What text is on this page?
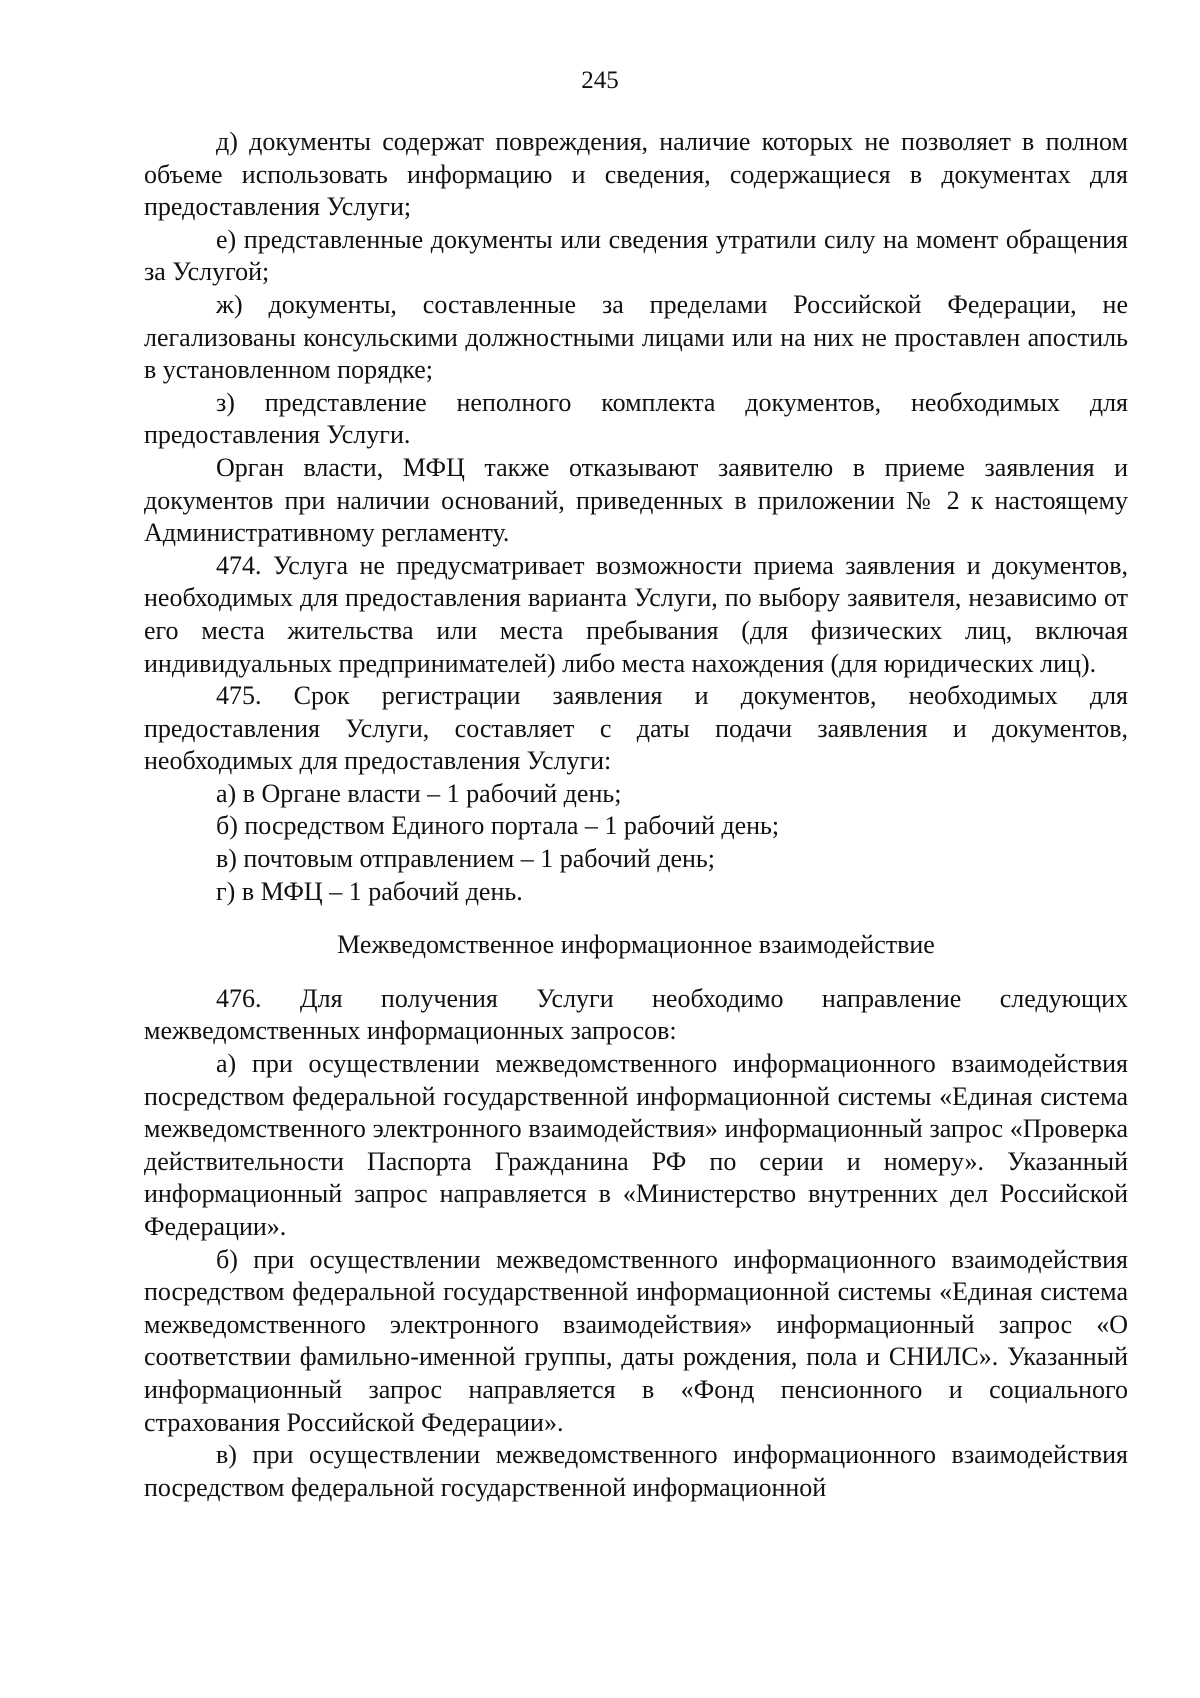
245

д) документы содержат повреждения, наличие которых не позволяет в полном объеме использовать информацию и сведения, содержащиеся в документах для предоставления Услуги;

е) представленные документы или сведения утратили силу на момент обращения за Услугой;

ж) документы, составленные за пределами Российской Федерации, не легализованы консульскими должностными лицами или на них не проставлен апостиль в установленном порядке;

з) представление неполного комплекта документов, необходимых для предоставления Услуги.

Орган власти, МФЦ также отказывают заявителю в приеме заявления и документов при наличии оснований, приведенных в приложении № 2 к настоящему Административному регламенту.

474. Услуга не предусматривает возможности приема заявления и документов, необходимых для предоставления варианта Услуги, по выбору заявителя, независимо от его места жительства или места пребывания (для физических лиц, включая индивидуальных предпринимателей) либо места нахождения (для юридических лиц).

475. Срок регистрации заявления и документов, необходимых для предоставления Услуги, составляет с даты подачи заявления и документов, необходимых для предоставления Услуги:

а) в Органе власти – 1 рабочий день;

б) посредством Единого портала – 1 рабочий день;

в) почтовым отправлением – 1 рабочий день;

г) в МФЦ – 1 рабочий день.

Межведомственное информационное взаимодействие

476. Для получения Услуги необходимо направление следующих межведомственных информационных запросов:

а) при осуществлении межведомственного информационного взаимодействия посредством федеральной государственной информационной системы «Единая система межведомственного электронного взаимодействия» информационный запрос «Проверка действительности Паспорта Гражданина РФ по серии и номеру». Указанный информационный запрос направляется в «Министерство внутренних дел Российской Федерации».

б) при осуществлении межведомственного информационного взаимодействия посредством федеральной государственной информационной системы «Единая система межведомственного электронного взаимодействия» информационный запрос «О соответствии фамильно-именной группы, даты рождения, пола и СНИЛС». Указанный информационный запрос направляется в «Фонд пенсионного и социального страхования Российской Федерации».

в) при осуществлении межведомственного информационного взаимодействия посредством федеральной государственной информационной
